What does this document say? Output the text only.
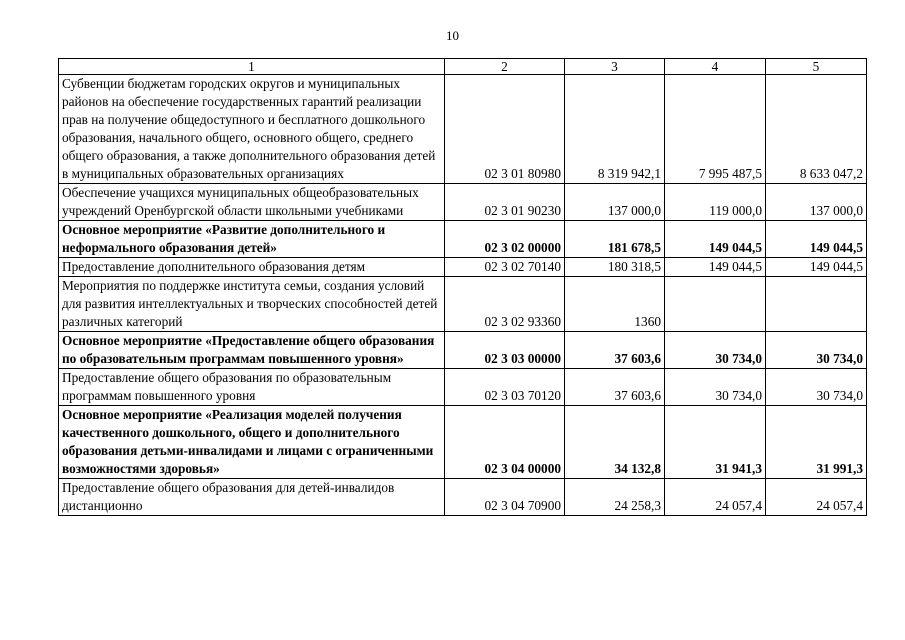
10
1	2	3	4	5
Субвенции бюджетам городских округов и муниципальных районов на обеспечение государственных гарантий реализации прав на получение общедоступного и бесплатного дошкольного образования, начального общего, основного общего, среднего общего образования, а также дополнительного образования детей в муниципальных образовательных организациях	02 3 01 80980	8 319 942,1	7 995 487,5	8 633 047,2
Обеспечение учащихся муниципальных общеобразовательных учреждений Оренбургской области школьными учебниками	02 3 01 90230	137 000,0	119 000,0	137 000,0
Основное мероприятие «Развитие дополнительного и неформального образования детей»	02 3 02 00000	181 678,5	149 044,5	149 044,5
Предоставление дополнительного образования детям	02 3 02 70140	180 318,5	149 044,5	149 044,5
Мероприятия по поддержке института семьи, создания условий для развития интеллектуальных и творческих способностей детей различных категорий	02 3 02 93360	1360		
Основное мероприятие «Предоставление общего образования по образовательным программам повышенного уровня»	02 3 03 00000	37 603,6	30 734,0	30 734,0
Предоставление общего образования по образовательным программам повышенного уровня	02 3 03 70120	37 603,6	30 734,0	30 734,0
Основное мероприятие «Реализация моделей получения качественного дошкольного, общего и дополнительного образования детьми-инвалидами и лицами с ограниченными возможностями здоровья»	02 3 04 00000	34 132,8	31 941,3	31 991,3
Предоставление общего образования для детей-инвалидов дистанционно	02 3 04 70900	24 258,3	24 057,4	24 057,4
